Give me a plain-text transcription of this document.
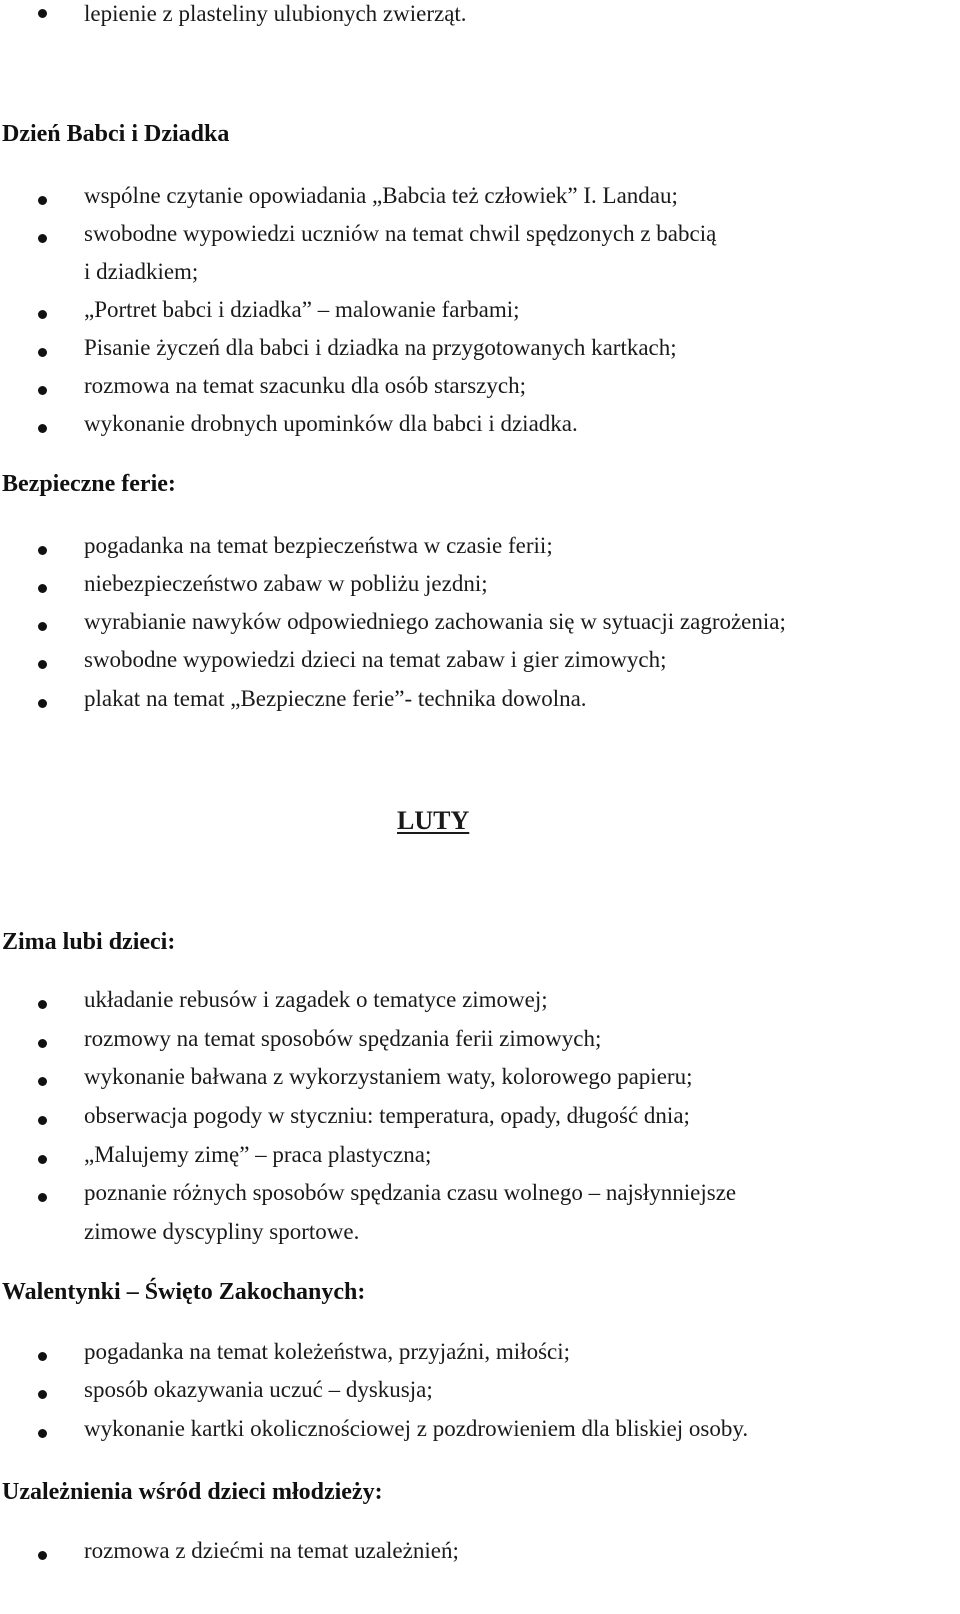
lepienie z plasteliny ulubionych zwierząt.
Dzień Babci i Dziadka
wspólne czytanie opowiadania „Babcia też człowiek” I. Landau;
swobodne wypowiedzi uczniów na temat chwil spędzonych z babcią
i dziadkiem;
„Portret babci i dziadka” – malowanie farbami;
Pisanie życzeń dla babci i dziadka na przygotowanych kartkach;
rozmowa na temat szacunku dla osób starszych;
wykonanie drobnych upominków dla babci i dziadka.
Bezpieczne ferie:
pogadanka na temat bezpieczeństwa w czasie ferii;
niebezpieczeństwo zabaw w pobliżu jezdni;
wyrabianie nawyków odpowiedniego zachowania się w sytuacji zagrożenia;
swobodne wypowiedzi dzieci na temat zabaw i gier zimowych;
plakat na temat „Bezpieczne ferie”- technika dowolna.
LUTY
Zima lubi dzieci:
układanie rebusów i zagadek o tematyce zimowej;
rozmowy na temat sposobów spędzania ferii zimowych;
wykonanie bałwana z wykorzystaniem waty, kolorowego papieru;
obserwacja pogody w styczniu: temperatura, opady, długość dnia;
„Malujemy zimę” – praca plastyczna;
poznanie różnych sposobów spędzania czasu wolnego – najsłynniejsze
zimowe dyscypliny sportowe.
Walentynki – Święto Zakochanych:
pogadanka na temat koleżeństwa, przyjaźni, miłości;
sposób okazywania uczuć – dyskusja;
wykonanie kartki okolicznościowej z pozdrowieniem dla bliskiej osoby.
Uzależnienia wśród dzieci młodzieży:
rozmowa z dziećmi na temat uzależnień;
